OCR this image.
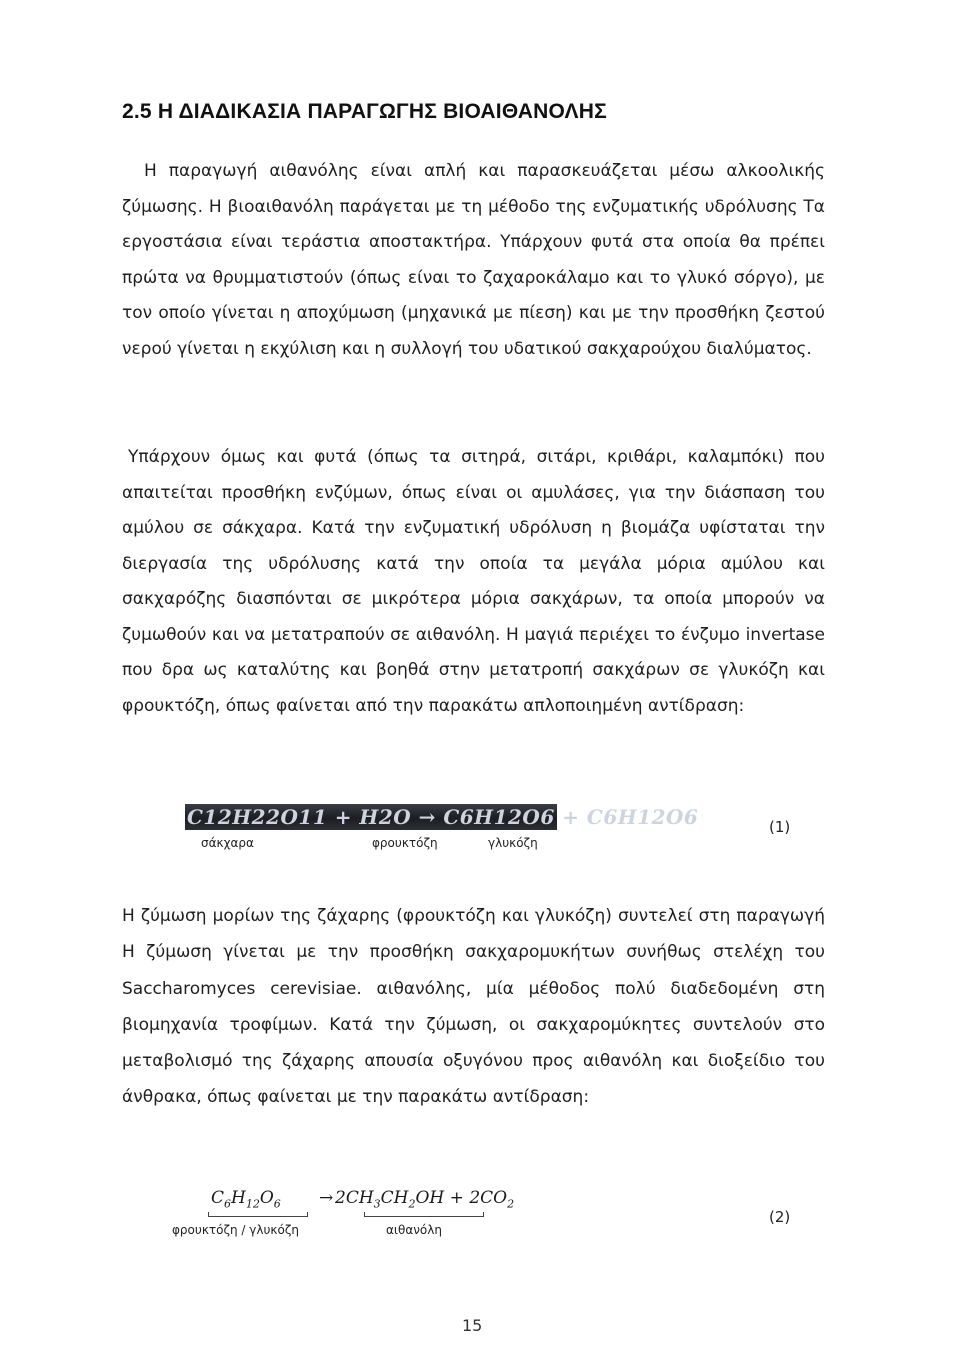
2.5 Η ΔΙΑΔΙΚΑΣΙΑ ΠΑΡΑΓΩΓΗΣ ΒΙΟΑΙΘΑΝΟΛΗΣ

Η παραγωγή αιθανόλης είναι απλή και παρασκευάζεται μέσω αλκοολικής ζύμωσης. Η βιοαιθανόλη παράγεται με τη μέθοδο της ενζυματικής υδρόλυσης Τα εργοστάσια είναι τεράστια αποστακτήρα. Υπάρχουν φυτά στα οποία θα πρέπει πρώτα να θρυμματιστούν (όπως είναι το ζαχαροκάλαμο και το γλυκό σόργο), με τον οποίο γίνεται η αποχύμωση (μηχανικά με πίεση) και με την προσθήκη ζεστού νερού γίνεται η εκχύλιση και η συλλογή του υδατικού σακχαρούχου διαλύματος.

Υπάρχουν όμως και φυτά (όπως τα σιτηρά, σιτάρι, κριθάρι, καλαμπόκι) που απαιτείται προσθήκη ενζύμων, όπως είναι οι αμυλάσες, για την διάσπαση του αμύλου σε σάκχαρα. Κατά την ενζυματική υδρόλυση η βιομάζα υφίσταται την διεργασία της υδρόλυσης κατά την οποία τα μεγάλα μόρια αμύλου και σακχαρόζης διασπόνται σε μικρότερα μόρια σακχάρων, τα οποία μπορούν να ζυμωθούν και να μετατραπούν σε αιθανόλη. Η μαγιά περιέχει το ένζυμο invertase που δρα ως καταλύτης και βοηθά στην μετατροπή σακχάρων σε γλυκόζη και φρουκτόζη, όπως φαίνεται από την παρακάτω απλοποιημένη αντίδραση:

C12H22O11 + H2O → C6H12O6 + C6H12O6
σάκχαρα	φρουκτόζη	γλυκόζη
(1)

Η ζύμωση μορίων της ζάχαρης (φρουκτόζη και γλυκόζη) συντελεί στη παραγωγή Η ζύμωση γίνεται με την προσθήκη σακχαρομυκήτων συνήθως στελέχη του Saccharomyces cerevisiae. αιθανόλης, μία μέθοδος πολύ διαδεδομένη στη βιομηχανία τροφίμων. Κατά την ζύμωση, οι σακχαρομύκητες συντελούν στο μεταβολισμό της ζάχαρης απουσία οξυγόνου προς αιθανόλη και διοξείδιο του άνθρακα, όπως φαίνεται με την παρακάτω αντίδραση:

$C_6H_{12}O_6 \to 2CH_3CH_2OH + 2CO_2$
φρουκτόζη / γλυκόζη	αιθανόλη
(2)
15
